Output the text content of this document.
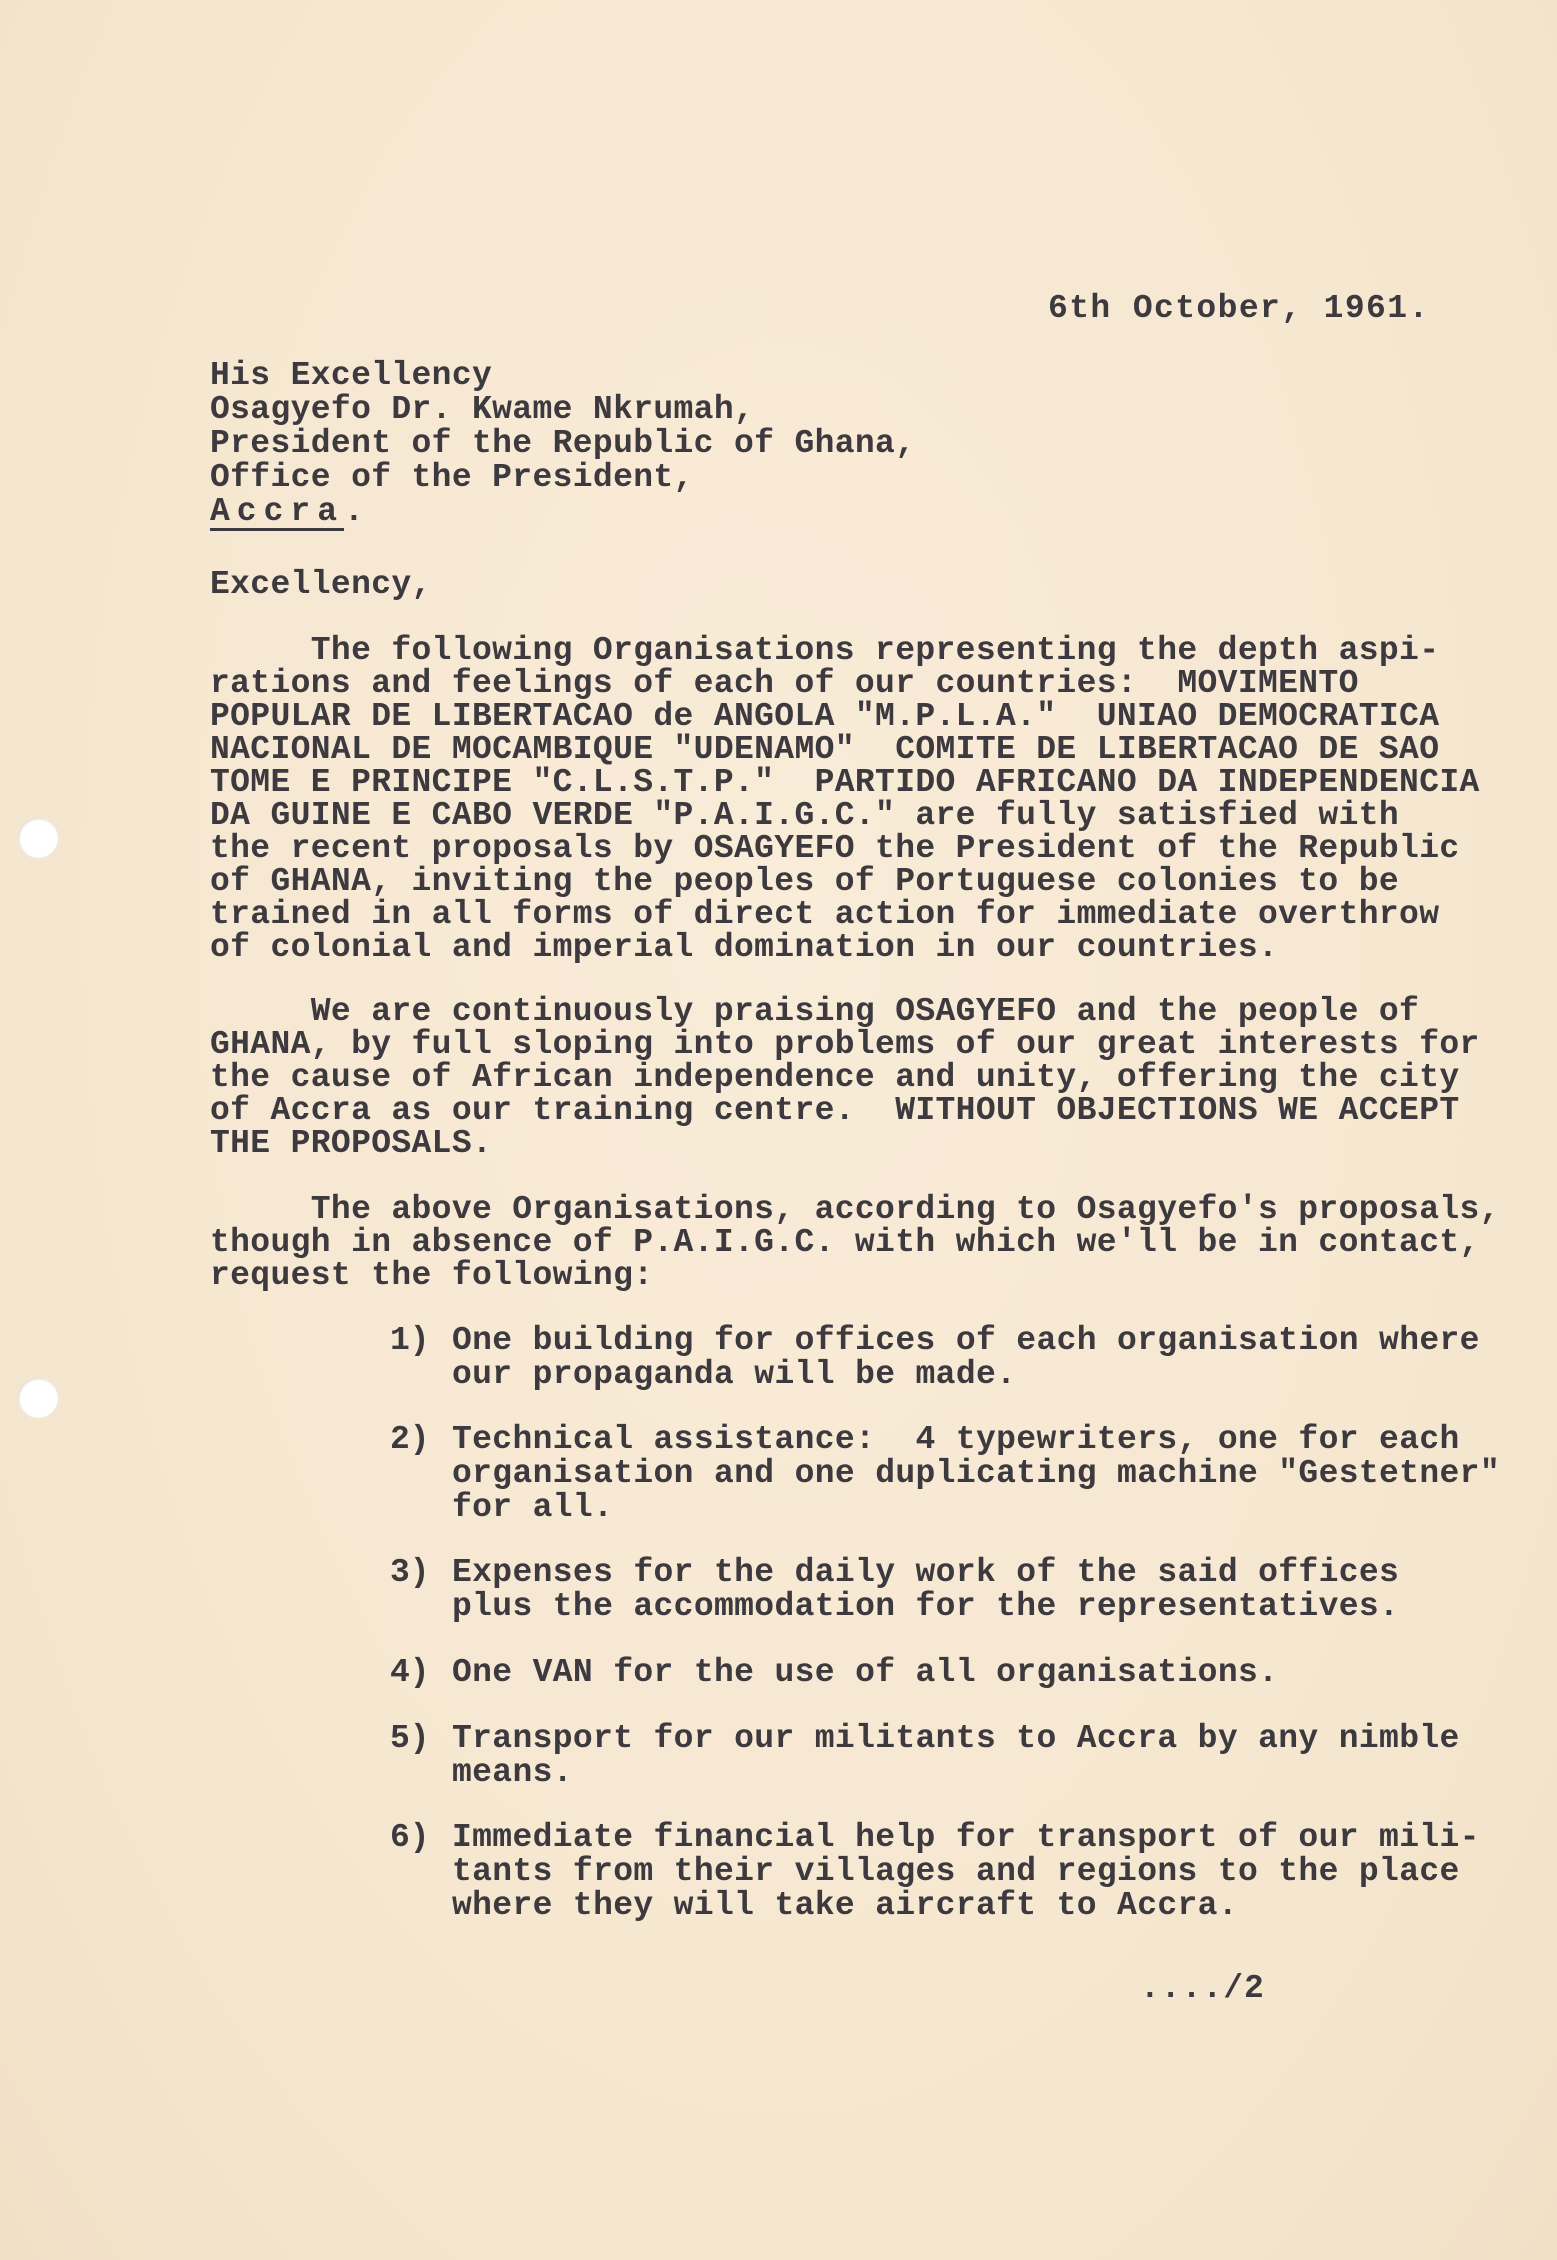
6th October, 1961.
His Excellency
Osagyefo Dr. Kwame Nkrumah,
President of the Republic of Ghana,
Office of the President,
Accra.
Excellency,
The following Organisations representing the depth aspi-
rations and feelings of each of our countries:  MOVIMENTO
POPULAR DE LIBERTACAO de ANGOLA "M.P.L.A."  UNIAO DEMOCRATICA
NACIONAL DE MOCAMBIQUE "UDENAMO"  COMITE DE LIBERTACAO DE SAO
TOME E PRINCIPE "C.L.S.T.P."  PARTIDO AFRICANO DA INDEPENDENCIA
DA GUINE E CABO VERDE "P.A.I.G.C." are fully satisfied with
the recent proposals by OSAGYEFO the President of the Republic
of GHANA, inviting the peoples of Portuguese colonies to be
trained in all forms of direct action for immediate overthrow
of colonial and imperial domination in our countries.
We are continuously praising OSAGYEFO and the people of
GHANA, by full sloping into problems of our great interests for
the cause of African independence and unity, offering the city
of Accra as our training centre.  WITHOUT OBJECTIONS WE ACCEPT
THE PROPOSALS.
The above Organisations, according to Osagyefo's proposals,
though in absence of P.A.I.G.C. with which we'll be in contact,
request the following:
1) One building for offices of each organisation where
our propaganda will be made.
2) Technical assistance:  4 typewriters, one for each
organisation and one duplicating machine "Gestetner"
for all.
3) Expenses for the daily work of the said offices
plus the accommodation for the representatives.
4) One VAN for the use of all organisations.
5) Transport for our militants to Accra by any nimble
means.
6) Immediate financial help for transport of our mili-
tants from their villages and regions to the place
where they will take aircraft to Accra.
..../2
